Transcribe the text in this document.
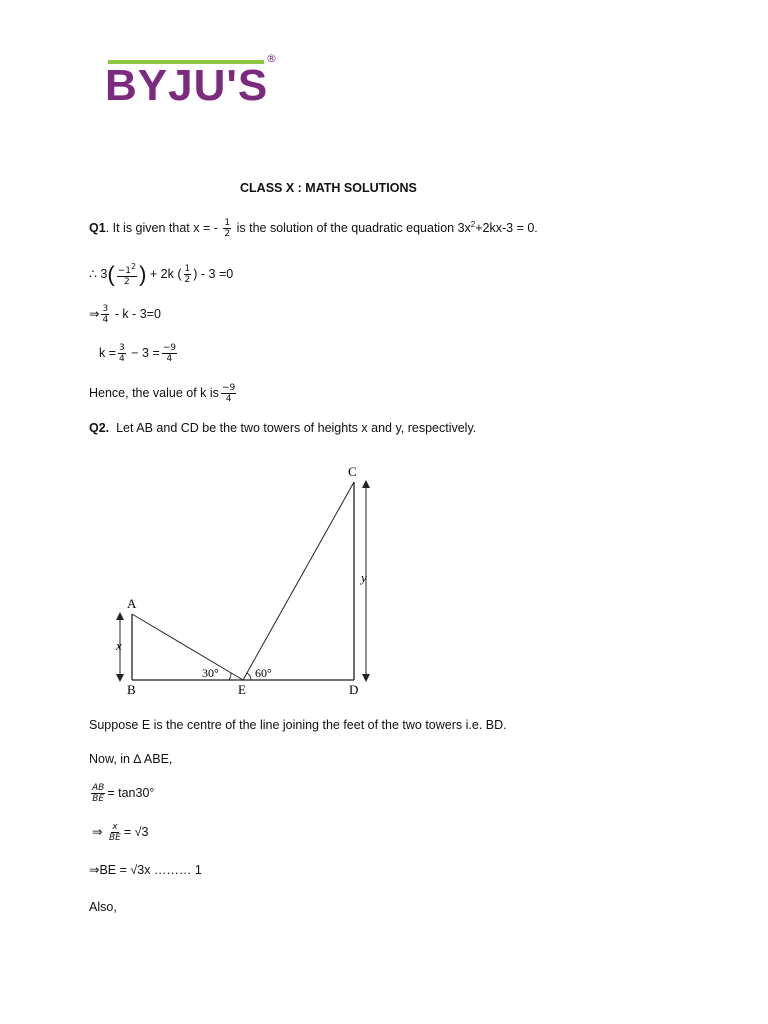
BYJU'S
®
CLASS X : MATH SOLUTIONS
Q1. It is given that x = - $\frac{1}{2}$ is the solution of the quadratic equation $3x^2+2kx-3 = 0$.
∴ $3( \frac{-1^2}{2}$ ) + 2k ( $\frac{1}{2}$ ) - 3 =0
⇒ $\frac{3}{4} - k - 3=0$
$k = \frac{3}{4} - 3 = \frac{-9}{4}$
Hence, the value of k is $\frac{-9}{4}$
Q2. Let AB and CD be the two towers of heights x and y, respectively.
A
B
C
D
E
x
y
30°	60°
Suppose E is the centre of the line joining the feet of the two towers i.e. BD.
Now, in ∆ ABE,
$\frac{AB}{BE} = \tan 30^\circ$
⇒ $\frac{x}{BE} = √3$
⇒BE = √3x ……… 1
Also,
